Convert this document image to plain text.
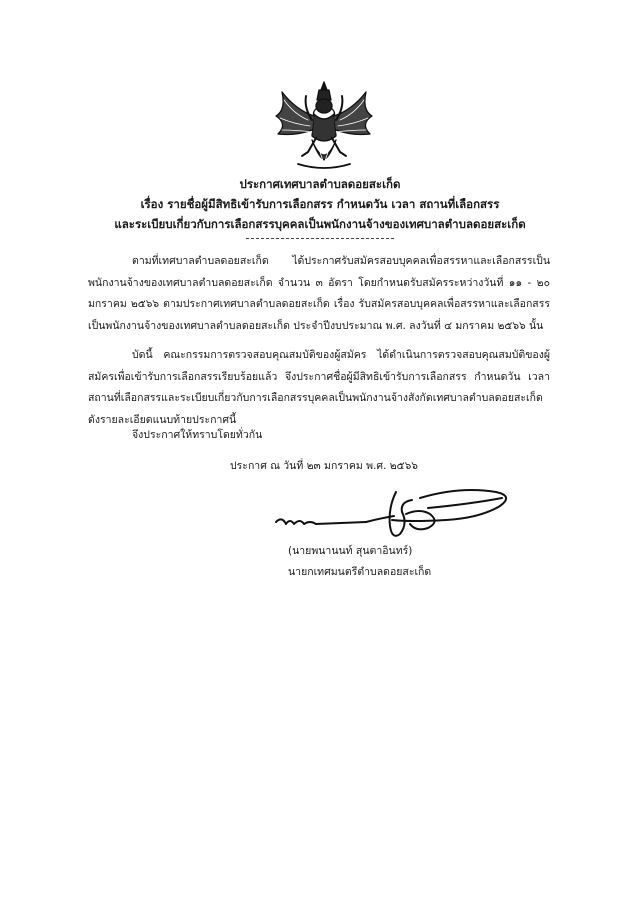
ประกาศเทศบาลตำบลดอยสะเก็ด
เรื่อง รายชื่อผู้มีสิทธิเข้ารับการเลือกสรร กำหนดวัน เวลา สถานที่เลือกสรร
และระเบียบเกี่ยวกับการเลือกสรรบุคคลเป็นพนักงานจ้างของเทศบาลตำบลดอยสะเก็ด
ตามที่เทศบาลตำบลดอยสะเก็ด ได้ประกาศรับสมัครสอบบุคคลเพื่อสรรหาและเลือกสรรเป็นพนักงานจ้างของเทศบาลตำบลดอยสะเก็ด จำนวน ๓ อัตรา โดยกำหนดรับสมัครระหว่างวันที่ ๑๑ - ๒๐ มกราคม ๒๕๖๖ ตามประกาศเทศบาลตำบลดอยสะเก็ด เรื่อง รับสมัครสอบบุคคลเพื่อสรรหาและเลือกสรรเป็นพนักงานจ้างของเทศบาลตำบลดอยสะเก็ด ประจำปีงบประมาณ พ.ศ. ลงวันที่ ๔ มกราคม ๒๕๖๖ นั้น
บัดนี้ คณะกรรมการตรวจสอบคุณสมบัติของผู้สมัคร ได้ดำเนินการตรวจสอบคุณสมบัติของผู้สมัครเพื่อเข้ารับการเลือกสรรเรียบร้อยแล้ว จึงประกาศชื่อผู้มีสิทธิเข้ารับการเลือกสรร กำหนดวัน เวลา สถานที่เลือกสรรและระเบียบเกี่ยวกับการเลือกสรรบุคคลเป็นพนักงานจ้างสังกัดเทศบาลตำบลดอยสะเก็ด ดังรายละเอียดแนบท้ายประกาศนี้
จึงประกาศให้ทราบโดยทั่วกัน
ประกาศ ณ วันที่ ๒๓ มกราคม พ.ศ. ๒๕๖๖
(นายพนานนท์ สุนตาอินทร์)
นายกเทศมนตรีตำบลดอยสะเก็ด
